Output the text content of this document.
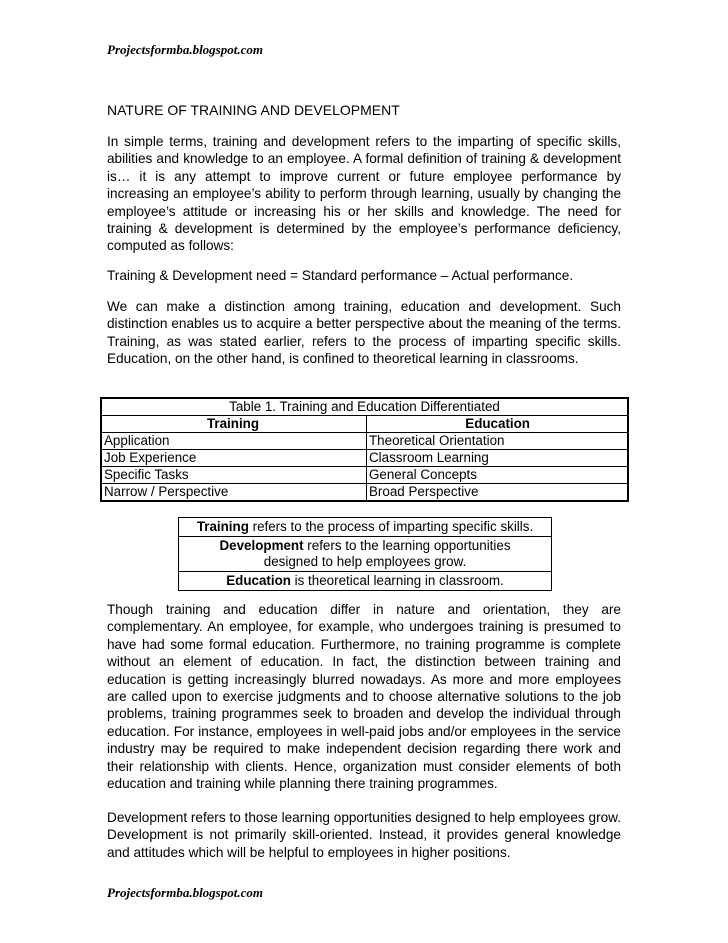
Projectsformba.blogspot.com
NATURE OF TRAINING AND DEVELOPMENT

In simple terms, training and development refers to the imparting of specific skills, abilities and knowledge to an employee. A formal definition of training & development is… it is any attempt to improve current or future employee performance by increasing an employee’s ability to perform through learning, usually by changing the employee’s attitude or increasing his or her skills and knowledge. The need for training & development is determined by the employee’s performance deficiency, computed as follows:

Training & Development need = Standard performance – Actual performance.

We can make a distinction among training, education and development. Such distinction enables us to acquire a better perspective about the meaning of the terms. Training, as was stated earlier, refers to the process of imparting specific skills. Education, on the other hand, is confined to theoretical learning in classrooms.

Table 1. Training and Education Differentiated	
Training	Education
Application	Theoretical Orientation
Job Experience	Classroom Learning
Specific Tasks	General Concepts
Narrow / Perspective	Broad Perspective
Training refers to the process of imparting specific skills.
Development refers to the learning opportunities designed to help employees grow.
Education is theoretical learning in classroom.

Though training and education differ in nature and orientation, they are complementary. An employee, for example, who undergoes training is presumed to have had some formal education. Furthermore, no training programme is complete without an element of education. In fact, the distinction between training and education is getting increasingly blurred nowadays. As more and more employees are called upon to exercise judgments and to choose alternative solutions to the job problems, training programmes seek to broaden and develop the individual through education. For instance, employees in well-paid jobs and/or employees in the service industry may be required to make independent decision regarding there work and their relationship with clients. Hence, organization must consider elements of both education and training while planning there training programmes.

Development refers to those learning opportunities designed to help employees grow. Development is not primarily skill-oriented. Instead, it provides general knowledge and attitudes which will be helpful to employees in higher positions.

Projectsformba.blogspot.com
